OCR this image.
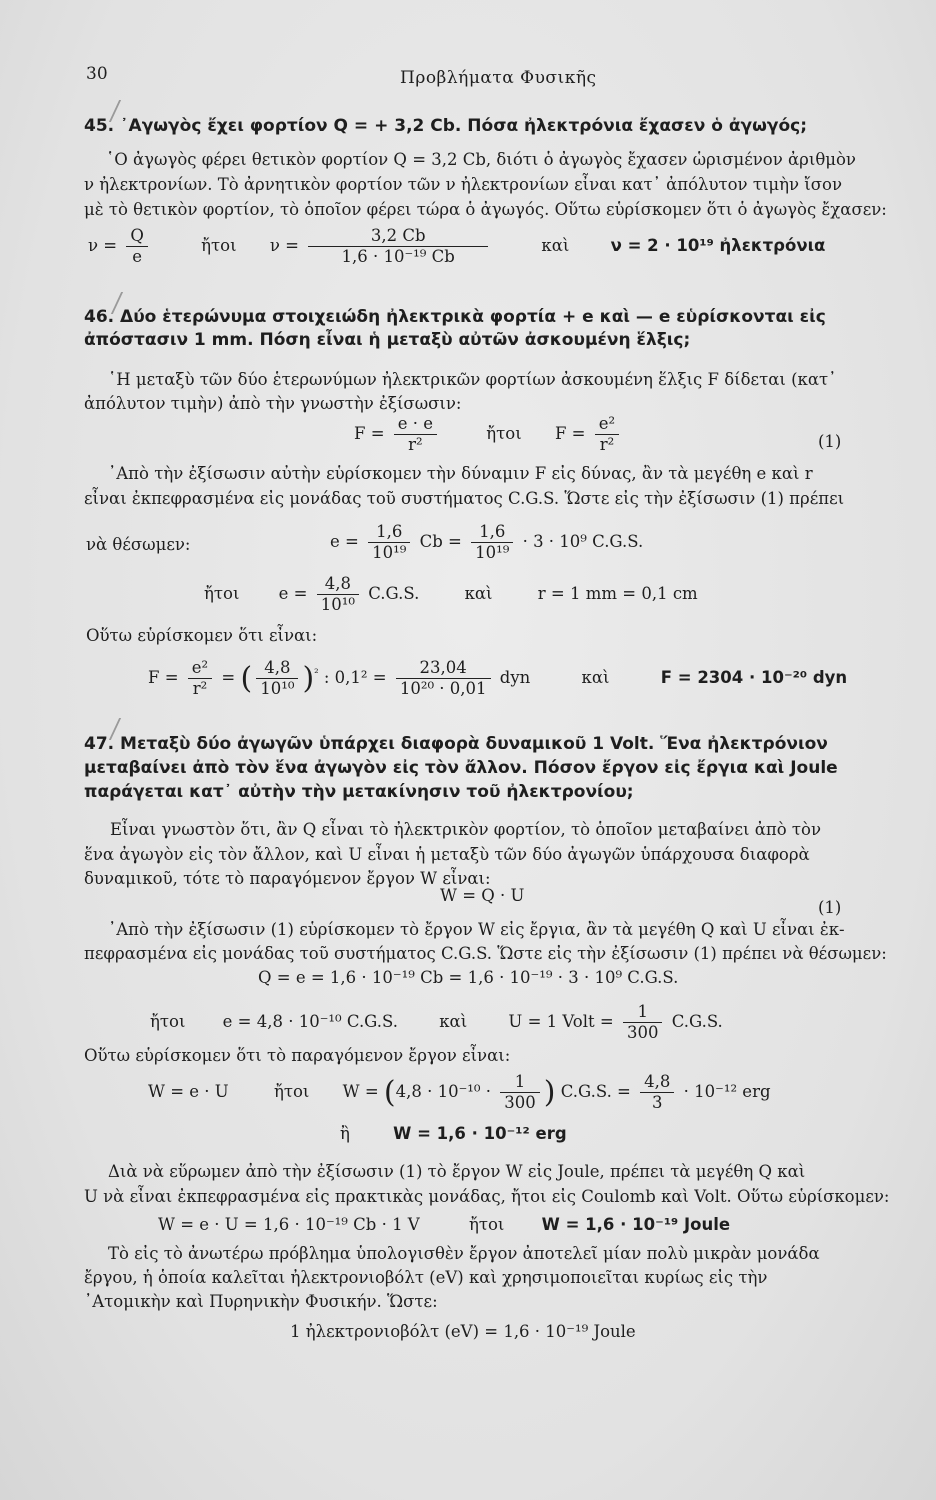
30	Προβλήματα Φυσικῆς
45. ᾿Αγωγὸς ἔχει φορτίον Q = + 3,2 Cb. Πόσα ἠλεκτρόνια ἔχασεν ὁ ἀγωγός;
῾Ο ἀγωγὸς φέρει θετικὸν φορτίον Q = 3,2 Cb, διότι ὁ ἀγωγὸς ἔχασεν ὡρισμένον ἀριθμὸν
ν ἠλεκτρονίων. Τὸ ἀρνητικὸν φορτίον τῶν ν ἠλεκτρονίων εἶναι κατ᾿ ἀπόλυτον τιμὴν ἴσον
μὲ τὸ θετικὸν φορτίον, τὸ ὁποῖον φέρει τώρα ὁ ἀγωγός. Οὕτω εὑρίσκομεν ὅτι ὁ ἀγωγὸς ἔχασεν:
$\nu = \frac{Q}{e}$	ἤτοι $\nu = \frac{3,2 Cb}{\text{1,6 · 10⁻¹⁹ Cb}}$	καὶ	ν = 2 · 10¹⁹ ἠλεκτρόνια
46. Δύο ἑτερώνυμα στοιχειώδη ἠλεκτρικὰ φορτία + e καὶ — e εὑρίσκονται εἰς
ἀπόστασιν 1 mm. Πόση εἶναι ἡ μεταξὺ αὐτῶν ἀσκουμένη ἕλξις;
῾Η μεταξὺ τῶν δύο ἑτερωνύμων ἠλεκτρικῶν φορτίων ἀσκουμένη ἕλξις F δίδεται (κατ᾿
ἀπόλυτον τιμὴν) ἀπὸ τὴν γνωστὴν ἐξίσωσιν:
$F = \frac{e \cdot e}{\text{r²}}$	ἤτοι $F = \frac{\text{e²}}{\text{r²}}$	(1)
᾿Απὸ τὴν ἐξίσωσιν αὐτὴν εὑρίσκομεν τὴν δύναμιν F εἰς δύνας, ἂν τὰ μεγέθη e καὶ r
εἶναι ἐκπεφρασμένα εἰς μονάδας τοῦ συστήματος C.G.S. Ὥστε εἰς τὴν ἐξίσωσιν (1) πρέπει
νὰ θέσωμεν:	$e = \frac{1,6}{\text{10¹⁹}}$ $Cb = \frac{1,6}{\text{10¹⁹}} \cdot 3 \cdot 10^9$ C.G.S.
ἤτοι $e = \frac{4,8}{\text{10¹⁰}} C.G.S$.	καὶ	r = 1 mm = 0,1 cm
Οὕτω εὑρίσκομεν ὅτι εἶναι:
$F = \frac{\text{e²}}{\text{r²}}$ = ( $\frac{4,8}{\text{10¹⁰}} )^{^2}$ : $0,1^2 = \frac{23,04}{\text{10²⁰ · 0,01}}$ dyn	καὶ	F = 2304 · 10⁻²⁰ dyn
47. Μεταξὺ δύο ἀγωγῶν ὑπάρχει διαφορὰ δυναμικοῦ 1 Volt. Ἕνα ἠλεκτρόνιον
μεταβαίνει ἀπὸ τὸν ἕνα ἀγωγὸν εἰς τὸν ἄλλον. Πόσον ἔργον εἰς ἔργια καὶ Joule
παράγεται κατ᾿ αὐτὴν τὴν μετακίνησιν τοῦ ἠλεκτρονίου;
Εἶναι γνωστὸν ὅτι, ἂν Q εἶναι τὸ ἠλεκτρικὸν φορτίον, τὸ ὁποῖον μεταβαίνει ἀπὸ τὸν
ἕνα ἀγωγὸν εἰς τὸν ἄλλον, καὶ U εἶναι ἡ μεταξὺ τῶν δύο ἀγωγῶν ὑπάρχουσα διαφορὰ
δυναμικοῦ, τότε τὸ παραγόμενον ἔργον W εἶναι:
W = Q · U
(1)
᾿Απὸ τὴν ἐξίσωσιν (1) εὑρίσκομεν τὸ ἔργον W εἰς ἔργια, ἂν τὰ μεγέθη Q καὶ U εἶναι ἐκ-
πεφρασμένα εἰς μονάδας τοῦ συστήματος C.G.S. Ὥστε εἰς τὴν ἐξίσωσιν (1) πρέπει νὰ θέσωμεν:
Q = e = 1,6 · 10⁻¹⁹ Cb = 1,6 · 10⁻¹⁹ · 3 · 10⁹ C.G.S.
ἤτοι e = 4,8 · 10⁻¹⁰ C.G.S.	καὶ	U = 1 Volt = $\frac{1}{300} C.G.S$.
Οὕτω εὑρίσκομεν ὅτι τὸ παραγόμενον ἔργον εἶναι:
W = e · U	ἤτοι $W = (4,8 \cdot 10^{-10} \cdot \frac{1}{300}$ ) C.G.S. = $\frac{4,8}{3} \cdot 10^{-12}$ erg
ἢ	W = 1,6 · 10⁻¹² erg
Διὰ νὰ εὕρωμεν ἀπὸ τὴν ἐξίσωσιν (1) τὸ ἔργον W εἰς Joule, πρέπει τὰ μεγέθη Q καὶ
U νὰ εἶναι ἐκπεφρασμένα εἰς πρακτικὰς μονάδας, ἤτοι εἰς Coulomb καὶ Volt. Οὕτω εὑρίσκομεν:
W = e · U = 1,6 · 10⁻¹⁹ Cb · 1 V	ἤτοι W = 1,6 · 10⁻¹⁹ Joule
Τὸ εἰς τὸ ἀνωτέρω πρόβλημα ὑπολογισθὲν ἔργον ἀποτελεῖ μίαν πολὺ μικρὰν μονάδα
ἔργου, ἡ ὁποία καλεῖται ἠλεκτρονιοβόλτ (eV) καὶ χρησιμοποιεῖται κυρίως εἰς τὴν
᾿Ατομικὴν καὶ Πυρηνικὴν Φυσικήν. Ὥστε:
1 ἠλεκτρονιοβόλτ (eV) = 1,6 · 10⁻¹⁹ Joule
